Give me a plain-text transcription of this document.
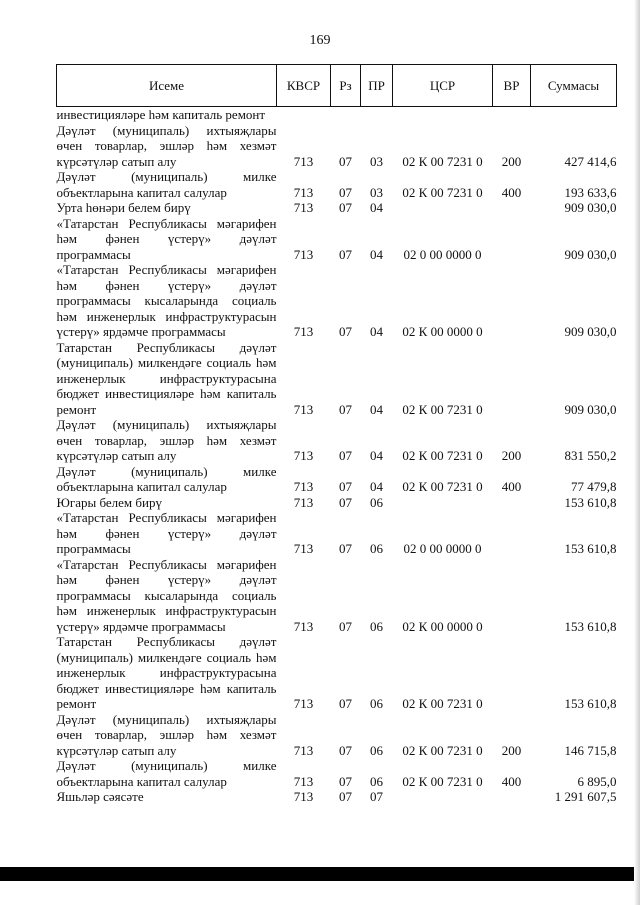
169
Исеме	КВСР	Рз	ПР	ЦСР	ВР	Суммасы
инвестицияләре һәм капиталь ремонт						
Дәүләт (муниципаль) ихтыяҗлары өчен товарлар, эшләр һәм хезмәт күрсәтүләр сатып алу	713	07	03	02 К 00 7231 0	200	427 414,6
Дәүләт (муниципаль) милке объектларына капитал салулар	713	07	03	02 К 00 7231 0	400	193 633,6
Урта һөнәри белем бирү	713	07	04			909 030,0
«Татарстан Республикасы мәгарифен һәм фәнен үстерү» дәүләт программасы	713	07	04	02 0 00 0000 0		909 030,0
«Татарстан Республикасы мәгарифен һәм фәнен үстерү» дәүләт программасы кысаларында социаль һәм инженерлык инфраструктурасын үстерү» ярдәмче программасы	713	07	04	02 К 00 0000 0		909 030,0
Татарстан Республикасы дәүләт (муниципаль) милкендәге социаль һәм инженерлык инфраструктурасына бюджет инвестицияләре һәм капиталь ремонт	713	07	04	02 К 00 7231 0		909 030,0
Дәүләт (муниципаль) ихтыяҗлары өчен товарлар, эшләр һәм хезмәт күрсәтүләр сатып алу	713	07	04	02 К 00 7231 0	200	831 550,2
Дәүләт (муниципаль) милке объектларына капитал салулар	713	07	04	02 К 00 7231 0	400	77 479,8
Югары белем бирү	713	07	06			153 610,8
«Татарстан Республикасы мәгарифен һәм фәнен үстерү» дәүләт программасы	713	07	06	02 0 00 0000 0		153 610,8
«Татарстан Республикасы мәгарифен һәм фәнен үстерү» дәүләт программасы кысаларында социаль һәм инженерлык инфраструктурасын үстерү» ярдәмче программасы	713	07	06	02 К 00 0000 0		153 610,8
Татарстан Республикасы дәүләт (муниципаль) милкендәге социаль һәм инженерлык инфраструктурасына бюджет инвестицияләре һәм капиталь ремонт	713	07	06	02 К 00 7231 0		153 610,8
Дәүләт (муниципаль) ихтыяҗлары өчен товарлар, эшләр һәм хезмәт күрсәтүләр сатып алу	713	07	06	02 К 00 7231 0	200	146 715,8
Дәүләт (муниципаль) милке объектларына капитал салулар	713	07	06	02 К 00 7231 0	400	6 895,0
Яшьләр сәясәте	713	07	07			1 291 607,5
